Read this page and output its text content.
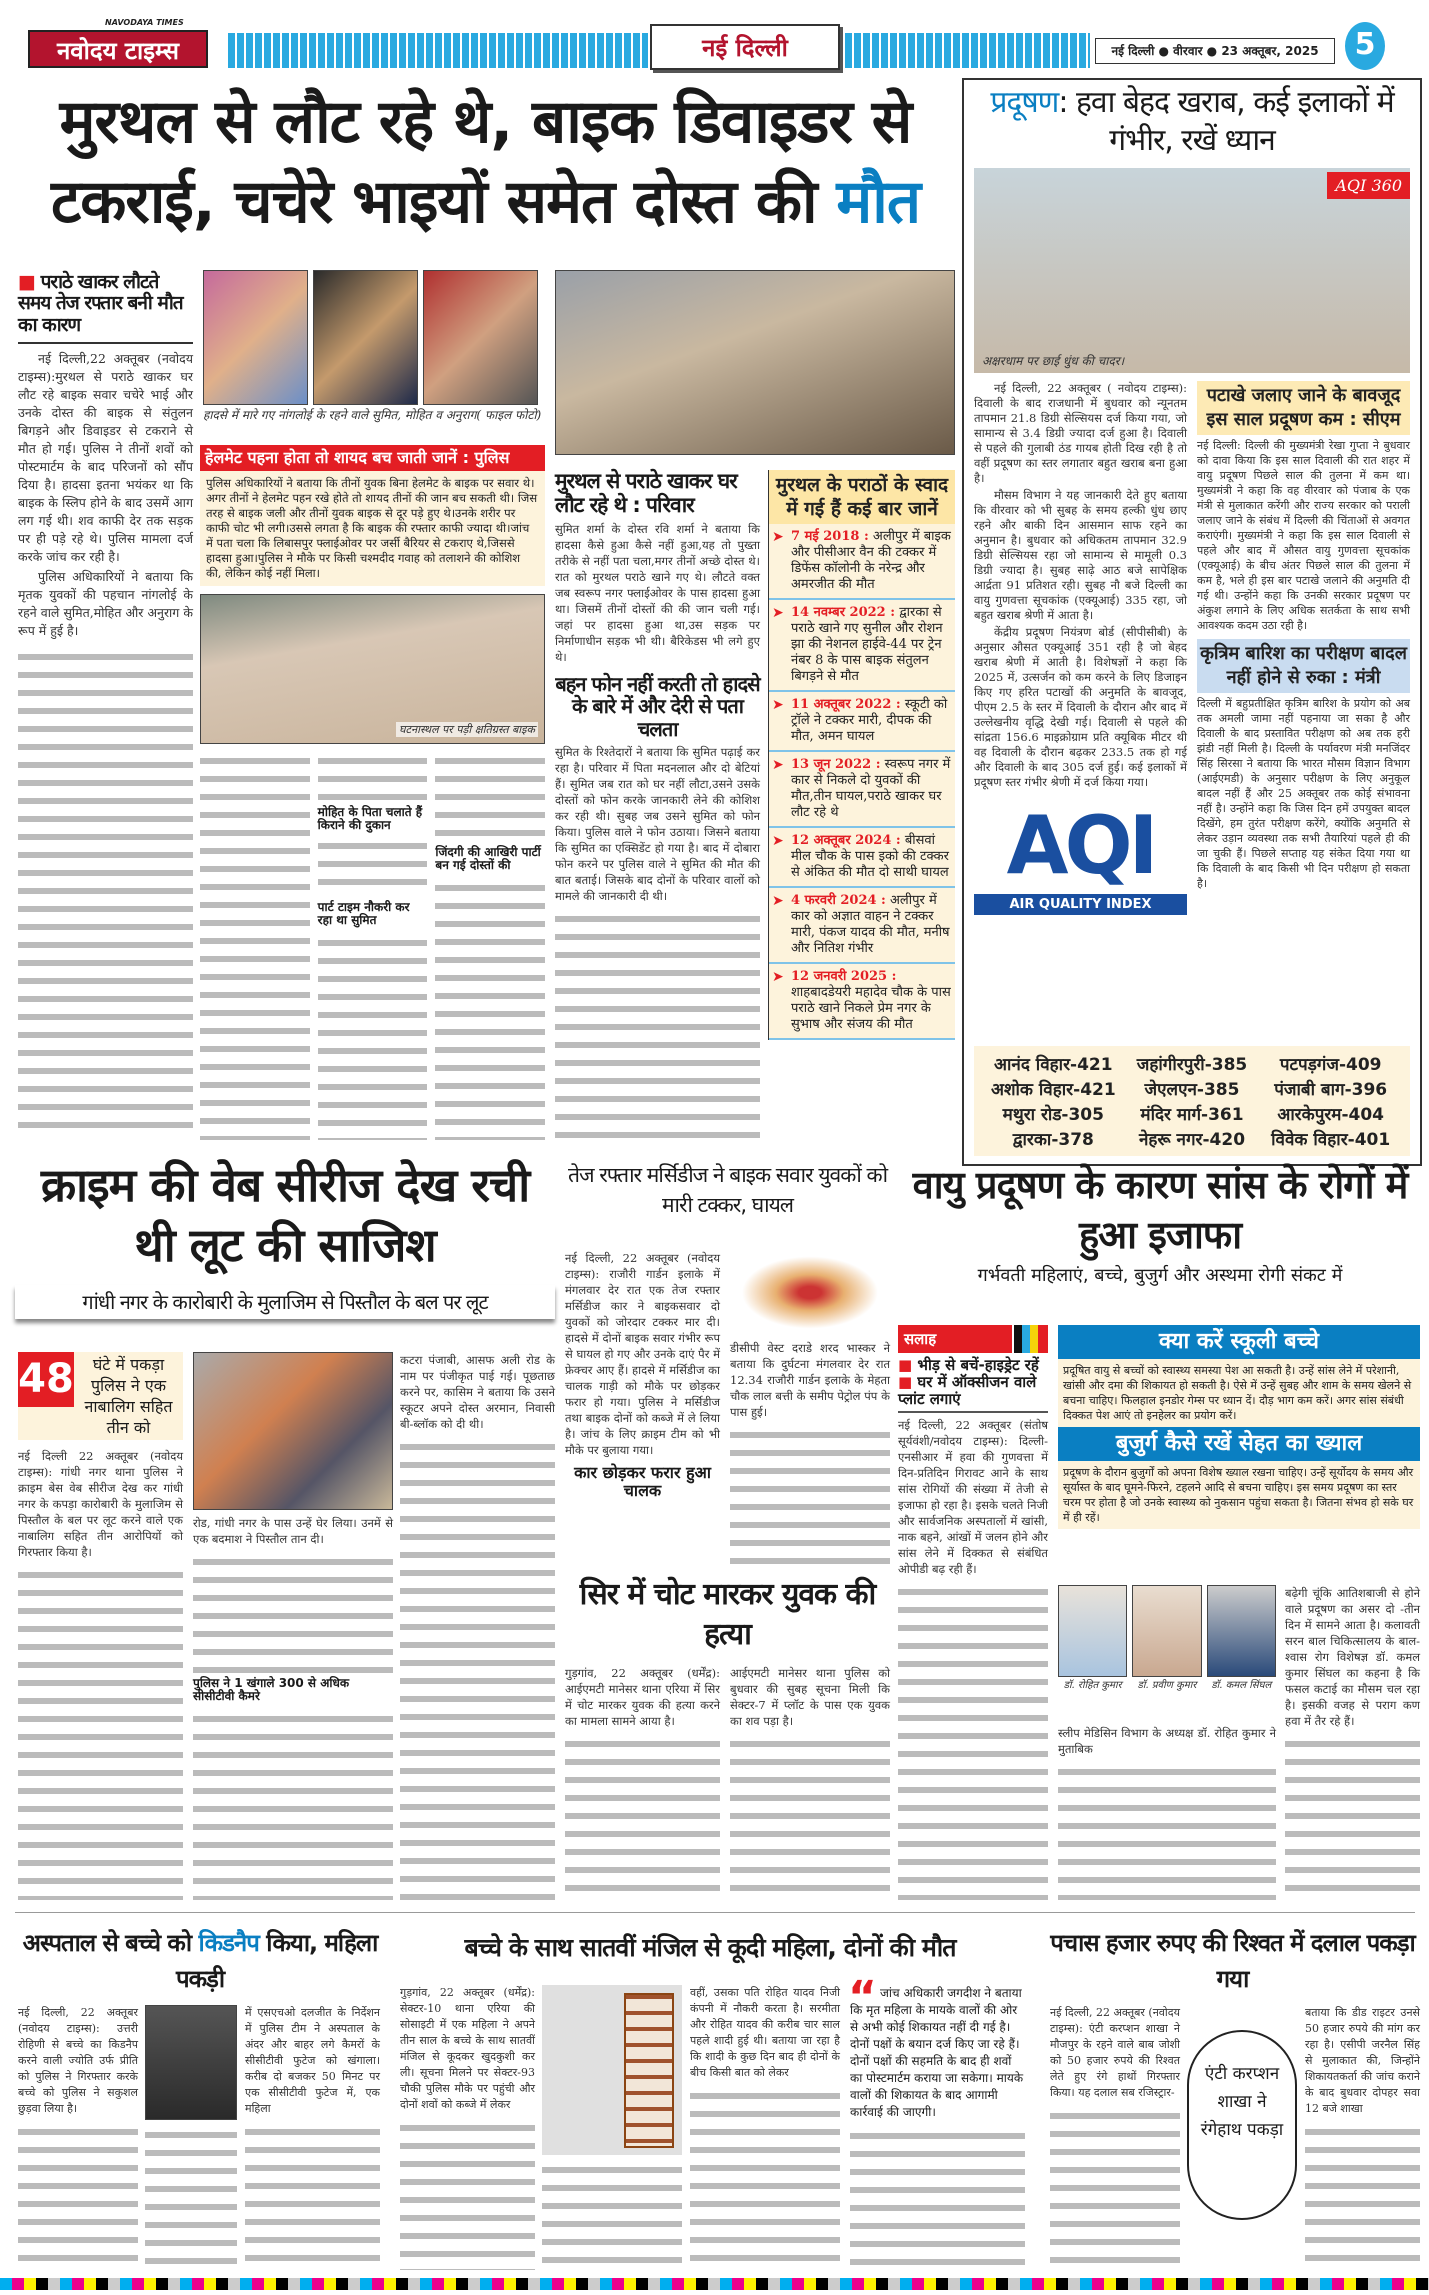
नवोदय टाइम्स
NAVODAYA TIMES
नई दिल्ली	नई दिल्ली ● वीरवार ● 23 अक्तूबर, 2025	5
मुरथल से लौट रहे थे, बाइक डिवाइडर से टकराई, चचेरे भाइयों समेत दोस्त की मौत
■ पराठे खाकर लौटते समय तेज रफ्तार बनी मौत का कारण

नई दिल्ली,22 अक्तूबर (नवोदय टाइम्स):मुरथल से पराठे खाकर घर लौट रहे बाइक सवार चचेरे भाई और उनके दोस्त की बाइक से संतुलन बिगड़ने और डिवाइडर से टकराने से मौत हो गई। पुलिस ने तीनों शवों को पोस्टमार्टम के बाद परिजनों को सौंप दिया है। हादसा इतना भयंकर था कि बाइक के स्लिप होने के बाद उसमें आग लग गई थी। शव काफी देर तक सड़क पर ही पड़े रहे थे। पुलिस मामला दर्ज करके जांच कर रही है।

पुलिस अधिकारियों ने बताया कि मृतक युवकों की पहचान नांगलोई के रहने वाले सुमित,मोहित और अनुराग के रूप में हुई है।

हादसे में मारे गए नांगलोई के रहने वाले सुमित, मोहित व अनुराग( फाइल फोटो)
हेलमेट पहना होता तो शायद बच जाती जानें : पुलिस
पुलिस अधिकारियों ने बताया कि तीनों युवक बिना हेलमेट के बाइक पर सवार थे। अगर तीनों ने हेलमेट पहन रखे होते तो शायद तीनों की जान बच सकती थी। जिस तरह से बाइक जली और तीनों युवक बाइक से दूर पड़े हुए थे।उनके शरीर पर काफी चोट भी लगी।उससे लगता है कि बाइक की रफ्तार काफी ज्यादा थी।जांच में पता चला कि लिबासपुर फ्लाईओवर पर जर्सी बैरियर से टकराए थे,जिससे हादसा हुआ।पुलिस ने मौके पर किसी चश्मदीद गवाह को तलाशने की कोशिश की, लेकिन कोई नहीं मिला।
घटनास्थल पर पड़ी क्षतिग्रस्त बाइक
मोहित के पिता चलाते हैं किराने की दुकान
पार्ट टाइम नौकरी कर रहा था सुमित
जिंदगी की आखिरी पार्टी बन गई दोस्तों की
मुरथल से पराठे खाकर घर लौट रहे थे : परिवार
सुमित शर्मा के दोस्त रवि शर्मा ने बताया कि हादसा कैसे हुआ कैसे नहीं हुआ,यह तो पुख्ता तरीके से नहीं पता चला,मगर तीनों अच्छे दोस्त थे। रात को मुरथल पराठे खाने गए थे। लौटते वक्त जब स्वरूप नगर फ्लाईओवर के पास हादसा हुआ था। जिसमें तीनों दोस्तों की की जान चली गई। जहां पर हादसा हुआ था,उस सड़क पर निर्माणाधीन सड़क भी थी। बैरिकेडस भी लगे हुए थे।
बहन फोन नहीं करती तो हादसे के बारे में और देरी से पता चलता
सुमित के रिश्तेदारों ने बताया कि सुमित पढ़ाई कर रहा है। परिवार में पिता मदनलाल और दो बेटियां हैं। सुमित जब रात को घर नहीं लौटा,उसने उसके दोस्तों को फोन करके जानकारी लेने की कोशिश कर रही थी। सुबह जब उसने सुमित को फोन किया। पुलिस वाले ने फोन उठाया। जिसने बताया कि सुमित का एक्सिडेंट हो गया है। बाद में दोबारा फोन करने पर पुलिस वाले ने सुमित की मौत की बात बताई। जिसके बाद दोनों के परिवार वालों को मामले की जानकारी दी थी।
मुरथल के पराठों के स्वाद में गई हैं कई बार जानें
➤ 7 मई 2018 : अलीपुर में बाइक और पीसीआर वैन की टक्कर में डिफेंस कॉलोनी के नरेन्द्र और अमरजीत की मौत
➤ 14 नवम्बर 2022 : द्वारका से पराठे खाने गए सुनील और रोशन झा की नेशनल हाईवे-44 पर ट्रेन नंबर 8 के पास बाइक संतुलन बिगड़ने से मौत
➤ 11 अक्तूबर 2022 : स्कूटी को ट्रॉले ने टक्कर मारी, दीपक की मौत, अमन घायल
➤ 13 जून 2022 : स्वरूप नगर में कार से निकले दो युवकों की मौत,तीन घायल,पराठे खाकर घर लौट रहे थे
➤ 12 अक्तूबर 2024 : बीसवां मील चौक के पास इको की टक्कर से अंकित की मौत दो साथी घायल
➤ 4 फरवरी 2024 : अलीपुर में कार को अज्ञात वाहन ने टक्कर मारी, पंकज यादव की मौत, मनीष और नितिश गंभीर
➤ 12 जनवरी 2025 : शाहबादडेयरी महादेव चौक के पास पराठे खाने निकले प्रेम नगर के सुभाष और संजय की मौत
प्रदूषण: हवा बेहद खराब, कई इलाकों में गंभीर, रखें ध्यान
AQI 360
अक्षरधाम पर छाई धुंध की चादर।

नई दिल्ली, 22 अक्तूबर ( नवोदय टाइम्स): दिवाली के बाद राजधानी में बुधवार को न्यूनतम तापमान 21.8 डिग्री सेल्सियस दर्ज किया गया, जो सामान्य से 3.4 डिग्री ज्यादा दर्ज हुआ है। दिवाली से पहले की गुलाबी ठंड गायब होती दिख रही है तो वहीं प्रदूषण का स्तर लगातार बहुत खराब बना हुआ है।

मौसम विभाग ने यह जानकारी देते हुए बताया कि वीरवार को भी सुबह के समय हल्की धुंध छाए रहने और बाकी दिन आसमान साफ रहने का अनुमान है। बुधवार को अधिकतम तापमान 32.9 डिग्री सेल्सियस रहा जो सामान्य से मामूली 0.3 डिग्री ज्यादा है। सुबह साढ़े आठ बजे सापेक्षिक आर्द्रता 91 प्रतिशत रही। सुबह नौ बजे दिल्ली का वायु गुणवत्ता सूचकांक (एक्यूआई) 335 रहा, जो बहुत खराब श्रेणी में आता है।

केंद्रीय प्रदूषण नियंत्रण बोर्ड (सीपीसीबी) के अनुसार औसत एक्यूआई 351 रही है जो बेहद खराब श्रेणी में आती है। विशेषज्ञों ने कहा कि 2025 में, उत्सर्जन को कम करने के लिए डिजाइन किए गए हरित पटाखों की अनुमति के बावजूद, पीएम 2.5 के स्तर में दिवाली के दौरान और बाद में उल्लेखनीय वृद्धि देखी गई। दिवाली से पहले की सांद्रता 156.6 माइक्रोग्राम प्रति क्यूबिक मीटर थी वह दिवाली के दौरान बढ़कर 233.5 तक हो गई और दिवाली के बाद 305 दर्ज हुई। कई इलाकों में प्रदूषण स्तर गंभीर श्रेणी में दर्ज किया गया।

AQI
AIR QUALITY INDEX
पटाखे जलाए जाने के बावजूद इस साल प्रदूषण कम : सीएम
नई दिल्ली: दिल्ली की मुख्यमंत्री रेखा गुप्ता ने बुधवार को दावा किया कि इस साल दिवाली की रात शहर में वायु प्रदूषण पिछले साल की तुलना में कम था। मुख्यमंत्री ने कहा कि वह वीरवार को पंजाब के एक मंत्री से मुलाकात करेंगी और राज्य सरकार को पराली जलाए जाने के संबंध में दिल्ली की चिंताओं से अवगत कराएंगी। मुख्यमंत्री ने कहा कि इस साल दिवाली से पहले और बाद में औसत वायु गुणवत्ता सूचकांक (एक्यूआई) के बीच अंतर पिछले साल की तुलना में कम है, भले ही इस बार पटाखे जलाने की अनुमति दी गई थी। उन्होंने कहा कि उनकी सरकार प्रदूषण पर अंकुश लगाने के लिए अधिक सतर्कता के साथ सभी आवश्यक कदम उठा रही है।
कृत्रिम बारिश का परीक्षण बादल नहीं होने से रुका : मंत्री
दिल्ली में बहुप्रतीक्षित कृत्रिम बारिश के प्रयोग को अब तक अमली जामा नहीं पहनाया जा सका है और दिवाली के बाद प्रस्तावित परीक्षण को अब तक हरी झंडी नहीं मिली है। दिल्ली के पर्यावरण मंत्री मनजिंदर सिंह सिरसा ने बताया कि भारत मौसम विज्ञान विभाग (आईएमडी) के अनुसार परीक्षण के लिए अनुकूल बादल नहीं हैं और 25 अक्तूबर तक कोई संभावना नहीं है। उन्होंने कहा कि जिस दिन हमें उपयुक्त बादल दिखेंगे, हम तुरंत परीक्षण करेंगे, क्योंकि अनुमति से लेकर उड़ान व्यवस्था तक सभी तैयारियां पहले ही की जा चुकी हैं। पिछले सप्ताह यह संकेत दिया गया था कि दिवाली के बाद किसी भी दिन परीक्षण हो सकता है।
आनंद विहार-421	जहांगीरपुरी-385	पटपड़गंज-409
अशोक विहार-421	जेएलएन-385	पंजाबी बाग-396
मथुरा रोड-305	मंदिर मार्ग-361	आरकेपुरम-404
द्वारका-378	नेहरू नगर-420	विवेक विहार-401
क्राइम की वेब सीरीज देख रची थी लूट की साजिश
गांधी नगर के कारोबारी के मुलाजिम से पिस्तौल के बल पर लूट
48	घंटे में पकड़ा पुलिस ने एक नाबालिग सहित तीन को
नई दिल्ली 22 अक्तूबर (नवोदय टाइम्स): गांधी नगर थाना पुलिस ने क्राइम बेस वेब सीरीज देख कर गांधी नगर के कपड़ा कारोबारी के मुलाजिम से पिस्तौल के बल पर लूट करने वाले एक नाबालिग सहित तीन आरोपियों को गिरफ्तार किया है।
रोड, गांधी नगर के पास उन्हें घेर लिया। उनमें से एक बदमाश ने पिस्तौल तान दी।
पुलिस ने 1 खंगाले 300 से अधिक सीसीटीवी कैमरे
कटरा पंजाबी, आसफ अली रोड के नाम पर पंजीकृत पाई गई। पूछताछ करने पर, कासिम ने बताया कि उसने स्कूटर अपने दोस्त अरमान, निवासी बी-ब्लॉक को दी थी।
तेज रफ्तार मर्सिडीज ने बाइक सवार युवकों को मारी टक्कर, घायल
नई दिल्ली, 22 अक्तूबर (नवोदय टाइम्स): राजौरी गार्डन इलाके में मंगलवार देर रात एक तेज रफ्तार मर्सिडीज कार ने बाइकसवार दो युवकों को जोरदार टक्कर मार दी। हादसे में दोनों बाइक सवार गंभीर रूप से घायल हो गए और उनके दाएं पैर में फ्रेक्चर आए हैं। हादसे में मर्सिडीज का चालक गाड़ी को मौके पर छोड़कर फरार हो गया। पुलिस ने मर्सिडीज तथा बाइक दोनों को कब्जे में ले लिया है। जांच के लिए क्राइम टीम को भी मौके पर बुलाया गया।
कार छोड़कर फरार हुआ चालक
डीसीपी वेस्ट दराडे शरद भास्कर ने बताया कि दुर्घटना मंगलवार देर रात 12.34 राजौरी गार्डन इलाके के मेहता चौक लाल बत्ती के समीप पेट्रोल पंप के पास हुई।
सिर में चोट मारकर युवक की हत्या
गुड़गांव, 22 अक्तूबर (धर्मेंद्र): आईएमटी मानेसर थाना एरिया में सिर में चोट मारकर युवक की हत्या करने का मामला सामने आया है।
आईएमटी मानेसर थाना पुलिस को बुधवार की सुबह सूचना मिली कि सेक्टर-7 में प्लॉट के पास एक युवक का शव पड़ा है।
वायु प्रदूषण के कारण सांस के रोगों में हुआ इजाफा
गर्भवती महिलाएं, बच्चे, बुजुर्ग और अस्थमा रोगी संकट में
सलाह
■ भीड़ से बचें-हाइड्रेट रहें
■ घर में ऑक्सीजन वाले प्लांट लगाएं
नई दिल्ली, 22 अक्तूबर (संतोष सूर्यवंशी/नवोदय टाइम्स): दिल्ली-एनसीआर में हवा की गुणवत्ता में दिन-प्रतिदिन गिरावट आने के साथ सांस रोगियों की संख्या में तेजी से इजाफा हो रहा है। इसके चलते निजी और सार्वजनिक अस्पतालों में खांसी, नाक बहने, आंखों में जलन होने और सांस लेने में दिक्कत से संबंधित ओपीडी बढ़ रही हैं।
क्या करें स्कूली बच्चे
प्रदूषित वायु से बच्चों को स्वास्थ्य समस्या पेश आ सकती है। उन्हें सांस लेने में परेशानी, खांसी और दमा की शिकायत हो सकती है। ऐसे में उन्हें सुबह और शाम के समय खेलने से बचना चाहिए। फिलहाल इनडोर गेम्स पर ध्यान दें। दौड़ भाग कम करें। अगर सांस संबंधी दिक्कत पेश आएं तो इनहेलर का प्रयोग करें।
बुजुर्ग कैसे रखें सेहत का ख्याल
प्रदूषण के दौरान बुजुर्गों को अपना विशेष ख्याल रखना चाहिए। उन्हें सूर्योदय के समय और सूर्यास्त के बाद घूमने-फिरने, टहलने आदि से बचना चाहिए। इस समय प्रदूषण का स्तर चरम पर होता है जो उनके स्वास्थ्य को नुकसान पहुंचा सकता है। जितना संभव हो सके घर में ही रहें।
डॉ. रोहित कुमार	डॉ. प्रवीण कुमार	डॉ. कमल सिंघल
बढ़ेगी चूंकि आतिशबाजी से होने वाले प्रदूषण का असर दो -तीन दिन में सामने आता है। कलावती सरन बाल चिकित्सालय के बाल-श्वास रोग विशेषज्ञ डॉ. कमल कुमार सिंघल का कहना है कि फसल कटाई का मौसम चल रहा है। इसकी वजह से पराग कण हवा में तैर रहे हैं।
स्लीप मेडिसिन विभाग के अध्यक्ष डॉ. रोहित कुमार ने मुताबिक
अस्पताल से बच्चे को किडनैप किया, महिला पकड़ी
नई दिल्ली, 22 अक्तूबर (नवोदय टाइम्स): उत्तरी रोहिणी से बच्चे का किडनैप करने वाली ज्योति उर्फ प्रीति को पुलिस ने गिरफ्तार करके बच्चे को पुलिस ने सकुशल छुड़वा लिया है।
में एसएचओ दलजीत के निर्देशन में पुलिस टीम ने अस्पताल के अंदर और बाहर लगे कैमरों के सीसीटीवी फुटेज को खंगाला। करीब दो बजकर 50 मिनट पर एक सीसीटीवी फुटेज में, एक महिला
बच्चे के साथ सातवीं मंजिल से कूदी महिला, दोनों की मौत
गुड़गांव, 22 अक्तूबर (धर्मेंद्र): सेक्टर-10 थाना एरिया की सोसाइटी में एक महिला ने अपने तीन साल के बच्चे के साथ सातवीं मंजिल से कूदकर खुदकुशी कर ली। सूचना मिलने पर सेक्टर-93 चौकी पुलिस मौके पर पहुंची और दोनों शवों को कब्जे में लेकर
वहीं, उसका पति रोहित यादव निजी कंपनी में नौकरी करता है। सरमीता और रोहित यादव की करीब चार साल पहले शादी हुई थी। बताया जा रहा है कि शादी के कुछ दिन बाद ही दोनों के बीच किसी बात को लेकर
“ जांच अधिकारी जगदीश ने बताया कि मृत महिला के मायके वालों की ओर से अभी कोई शिकायत नहीं दी गई है। दोनों पक्षों के बयान दर्ज किए जा रहे हैं। दोनों पक्षों की सहमति के बाद ही शवों का पोस्टमार्टम कराया जा सकेगा। मायके वालों की शिकायत के बाद आगामी कार्रवाई की जाएगी।
पचास हजार रुपए की रिश्वत में दलाल पकड़ा गया
नई दिल्ली, 22 अक्तूबर (नवोदय टाइम्स): एंटी करप्शन शाखा ने मौजपुर के रहने वाले बाब जोशी को 50 हजार रुपये की रिश्वत लेते हुए रंगे हाथों गिरफ्तार किया। यह दलाल सब रजिस्ट्रार-
एंटी करप्शन शाखा ने रंगेहाथ पकड़ा
बताया कि डीड राइटर उनसे 50 हजार रुपये की मांग कर रहा है। एसीपी जरनैल सिंह से मुलाकात की, जिन्होंने शिकायतकर्ता की जांच कराने के बाद बुधवार दोपहर सवा 12 बजे शाखा
